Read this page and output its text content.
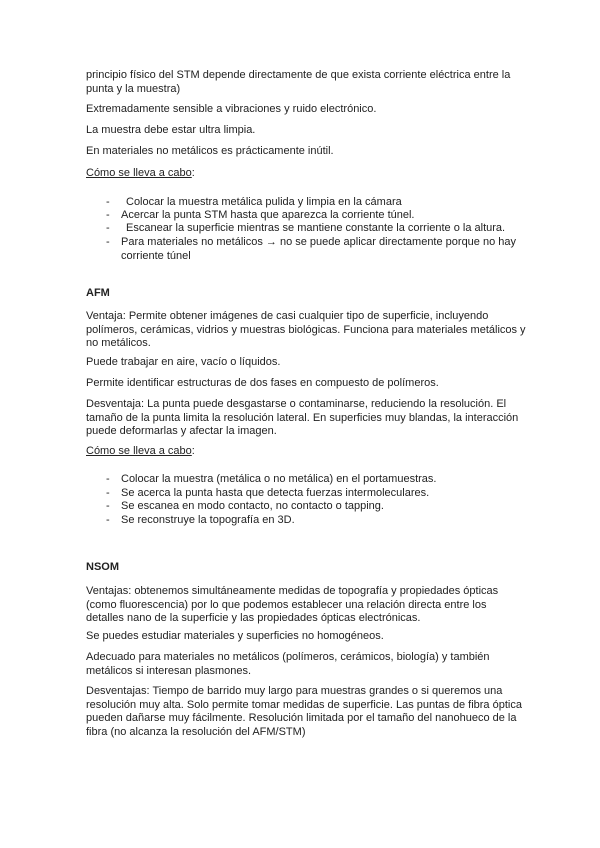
principio físico del STM depende directamente de que exista corriente eléctrica entre la punta y la muestra)
Extremadamente sensible a vibraciones y ruido electrónico.
La muestra debe estar ultra limpia.
En materiales no metálicos es prácticamente inútil.
Cómo se lleva a cabo:
- Colocar la muestra metálica pulida y limpia en la cámara
- Acercar la punta STM hasta que aparezca la corriente túnel.
- Escanear la superficie mientras se mantiene constante la corriente o la altura.
- Para materiales no metálicos → no se puede aplicar directamente porque no hay corriente túnel
AFM
Ventaja: Permite obtener imágenes de casi cualquier tipo de superficie, incluyendo polímeros, cerámicas, vidrios y muestras biológicas. Funciona para materiales metálicos y no metálicos.
Puede trabajar en aire, vacío o líquidos.
Permite identificar estructuras de dos fases en compuesto de polímeros.
Desventaja: La punta puede desgastarse o contaminarse, reduciendo la resolución. El tamaño de la punta limita la resolución lateral. En superficies muy blandas, la interacción puede deformarlas y afectar la imagen.
Cómo se lleva a cabo:
- Colocar la muestra (metálica o no metálica) en el portamuestras.
- Se acerca la punta hasta que detecta fuerzas intermoleculares.
- Se escanea en modo contacto, no contacto o tapping.
- Se reconstruye la topografía en 3D.
NSOM
Ventajas: obtenemos simultáneamente medidas de topografía y propiedades ópticas (como fluorescencia) por lo que podemos establecer una relación directa entre los detalles nano de la superficie y las propiedades ópticas electrónicas.
Se puedes estudiar materiales y superficies no homogéneos.
Adecuado para materiales no metálicos (polímeros, cerámicos, biología) y también metálicos si interesan plasmones.
Desventajas: Tiempo de barrido muy largo para muestras grandes o si queremos una resolución muy alta. Solo permite tomar medidas de superficie. Las puntas de fibra óptica pueden dañarse muy fácilmente. Resolución limitada por el tamaño del nanohueco de la fibra (no alcanza la resolución del AFM/STM)
